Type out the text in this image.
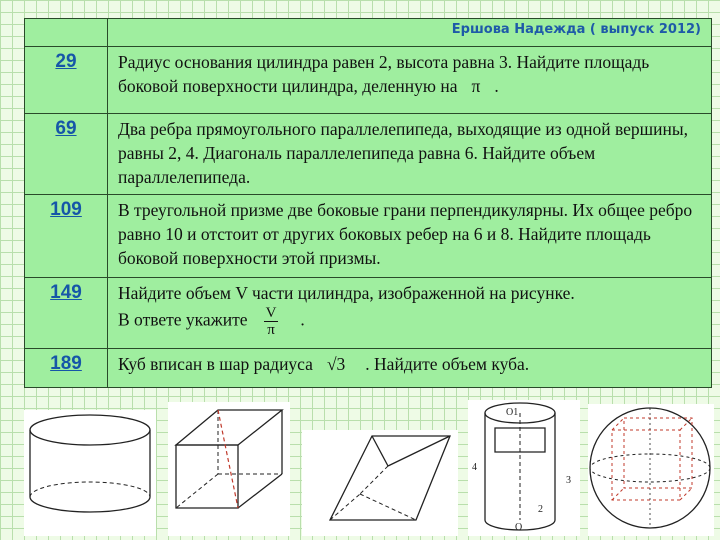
	Ершова Надежда ( выпуск 2012)
29	Радиус основания цилиндра равен 2, высота равна 3. Найдите площадь боковой поверхности цилиндра, деленную на π .
69	Два ребра прямоугольного параллелепипеда, выходящие из одной вершины, равны 2, 4. Диагональ параллелепипеда равна 6. Найдите объем параллелепипеда.
109	В треугольной призме две боковые грани перпендикулярны. Их общее ребро равно 10 и отстоит от других боковых ребер на 6 и 8. Найдите площадь боковой поверхности этой призмы.
149	Найдите объем V части цилиндра, изображенной на рисунке.
В ответе укажите $\frac{V}{\pi}$ .
189	Куб вписан в шар радиуса √3 . Найдите объем куба.
O1
O
4
3
2
